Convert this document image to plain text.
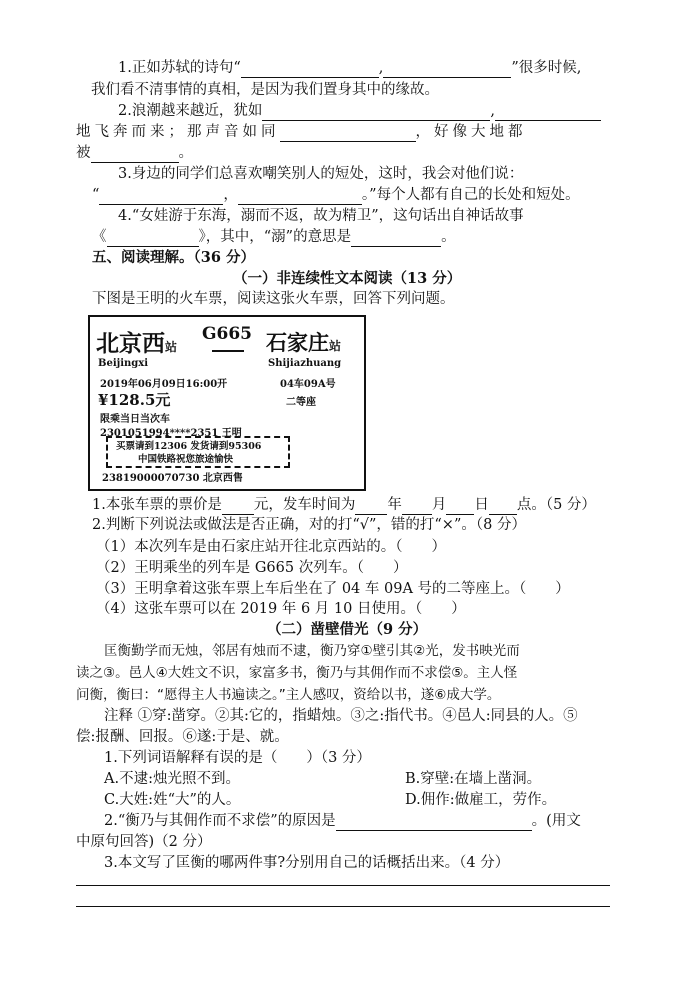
1.正如苏轼的诗句“	,	”很多时候,
我们看不清事情的真相，是因为我们置身其中的缘故。
2.浪潮越来越近，犹如	,
地飞奔而来；那声音如同	，好像大地都
被	。
3.身边的同学们总喜欢嘲笑别人的短处，这时，我会对他们说：
“	，	。”每个人都有自己的长处和短处。
4.“女娃游于东海，溺而不返，故为精卫”，这句话出自神话故事
《	》，其中，“溺”的意思是	。
五、阅读理解。（36 分）
（一）非连续性文本阅读（13 分）
下图是王明的火车票，阅读这张火车票，回答下列问题。
北京西站
G665 石家庄站
Beijingxi	Shijiazhuang
2019年06月09日16:00开	04车09A号
¥128.5元	二等座
限乘当日当次车
2301051994****2351 王明
买票请到12306 发货请到95306
中国铁路祝您旅途愉快
23819000070730 北京西售
1.本张车票的票价是 元，发车时间为 年 月 日 点。（5 分）
2.判断下列说法或做法是否正确，对的打“√”，错的打“×”。（8 分）
（1）本次列车是由石家庄站开往北京西站的。（　　）
（2）王明乘坐的列车是 G665 次列车。（　　）
（3）王明拿着这张车票上车后坐在了 04 车 09A 号的二等座上。（　　）
（4）这张车票可以在 2019 年 6 月 10 日使用。（　　）
（二）凿壁借光（9 分）
匡衡勤学而无烛，邻居有烛而不逮，衡乃穿①壁引其②光，发书映光而
读之③。邑人④大姓文不识，家富多书，衡乃与其佣作而不求偿⑤。主人怪
问衡，衡曰：“愿得主人书遍读之。”主人感叹，资给以书，遂⑥成大学。
注释 ①穿:凿穿。②其:它的，指蜡烛。③之:指代书。④邑人:同县的人。⑤
偿:报酬、回报。⑥遂:于是、就。
1.下列词语解释有误的是（　　）（3 分）
A.不逮:烛光照不到。	B.穿壁:在墙上凿洞。
C.大姓:姓“大”的人。	D.佣作:做雇工，劳作。
2.“衡乃与其佣作而不求偿”的原因是	。(用文
中原句回答)（2 分）
3.本文写了匡衡的哪两件事?分别用自己的话概括出来。（4 分）
